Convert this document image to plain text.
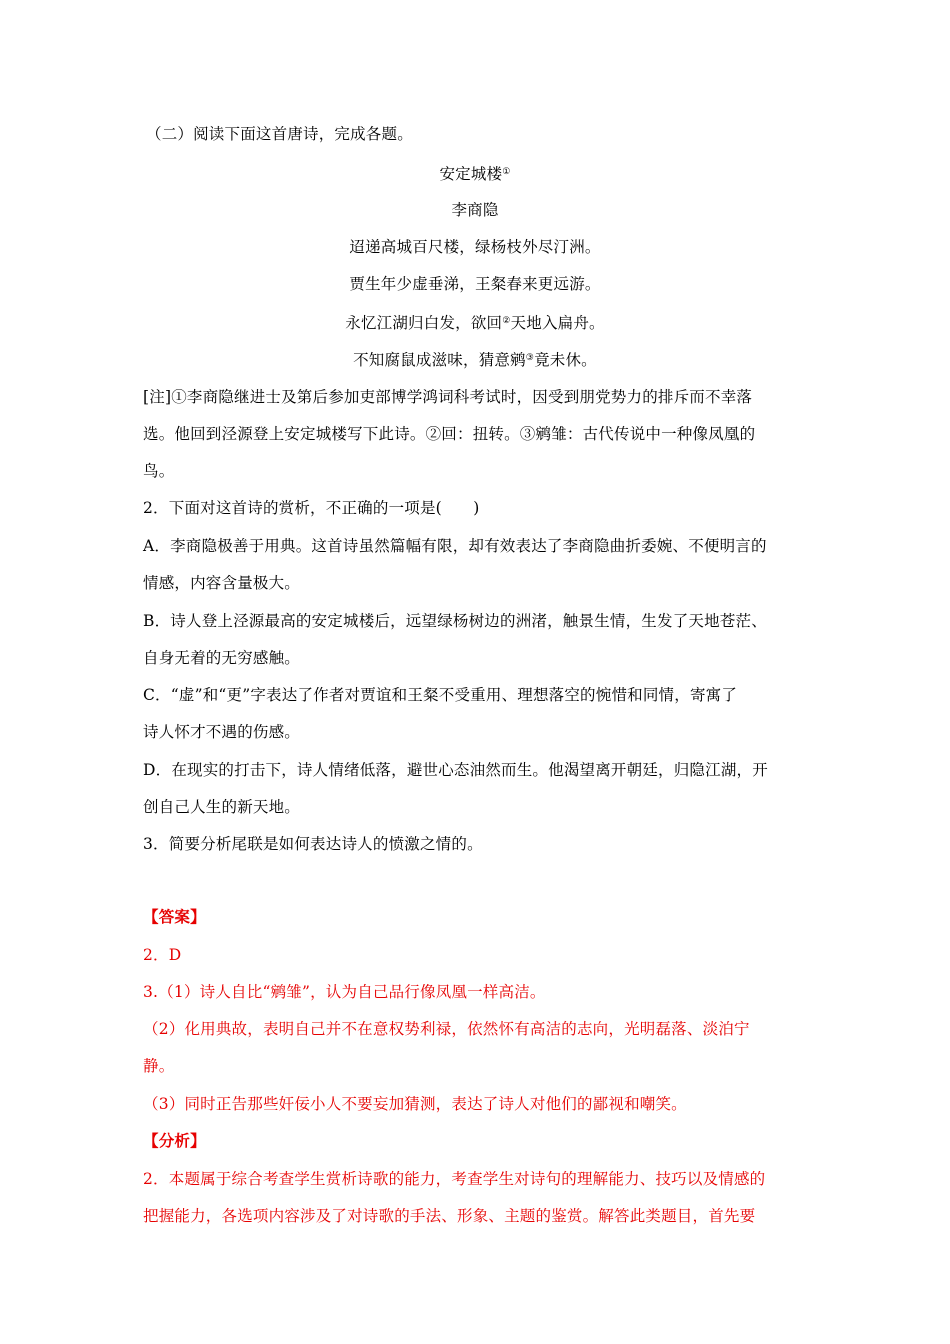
（二）阅读下面这首唐诗，完成各题。
安定城楼①
李商隐
迢递高城百尺楼，绿杨枝外尽汀洲。
贾生年少虚垂涕，王粲春来更远游。
永忆江湖归白发，欲回②天地入扁舟。
不知腐鼠成滋味，猜意鹓③竟未休。
[注]①李商隐继进士及第后参加吏部博学鸿词科考试时，因受到朋党势力的排斥而不幸落
选。他回到泾源登上安定城楼写下此诗。②回：扭转。③鹓雏：古代传说中一种像凤凰的
鸟。
2．下面对这首诗的赏析，不正确的一项是(　　)
A．李商隐极善于用典。这首诗虽然篇幅有限，却有效表达了李商隐曲折委婉、不便明言的
情感，内容含量极大。
B．诗人登上泾源最高的安定城楼后，远望绿杨树边的洲渚，触景生情，生发了天地苍茫、
自身无着的无穷感触。
C．“虚”和“更”字表达了作者对贾谊和王粲不受重用、理想落空的惋惜和同情，寄寓了
诗人怀才不遇的伤感。
D．在现实的打击下，诗人情绪低落，避世心态油然而生。他渴望离开朝廷，归隐江湖，开
创自己人生的新天地。
3．简要分析尾联是如何表达诗人的愤激之情的。
【答案】
2．D
3.（1）诗人自比“鹓雏”，认为自己品行像凤凰一样高洁。
（2）化用典故，表明自己并不在意权势利禄，依然怀有高洁的志向，光明磊落、淡泊宁
静。
（3）同时正告那些奸佞小人不要妄加猜测，表达了诗人对他们的鄙视和嘲笑。
【分析】
2．本题属于综合考查学生赏析诗歌的能力，考查学生对诗句的理解能力、技巧以及情感的
把握能力，各选项内容涉及了对诗歌的手法、形象、主题的鉴赏。解答此类题目，首先要
